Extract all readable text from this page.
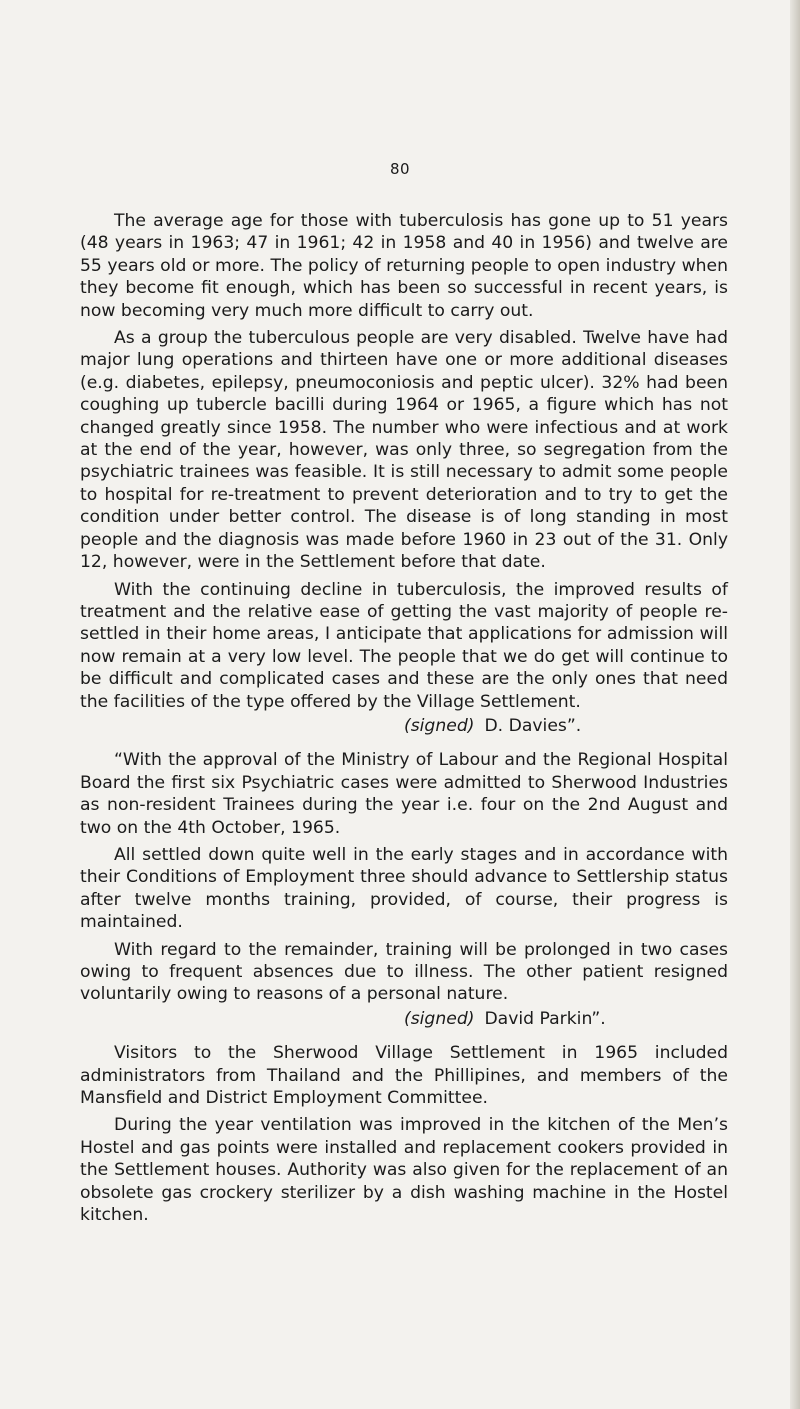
80

The average age for those with tuberculosis has gone up to 51 years (48 years in 1963; 47 in 1961; 42 in 1958 and 40 in 1956) and twelve are 55 years old or more. The policy of returning people to open industry when they become fit enough, which has been so successful in recent years, is now becoming very much more difficult to carry out.

As a group the tuberculous people are very disabled. Twelve have had major lung operations and thirteen have one or more additional diseases (e.g. diabetes, epilepsy, pneumoconiosis and peptic ulcer). 32% had been coughing up tubercle bacilli during 1964 or 1965, a figure which has not changed greatly since 1958. The number who were infectious and at work at the end of the year, however, was only three, so segregation from the psychiatric trainees was feasible. It is still necessary to admit some people to hospital for re-treatment to prevent deterioration and to try to get the condition under better control. The disease is of long standing in most people and the diagnosis was made before 1960 in 23 out of the 31. Only 12, however, were in the Settlement before that date.

With the continuing decline in tuberculosis, the improved results of treatment and the relative ease of getting the vast majority of people re-settled in their home areas, I anticipate that applications for admission will now remain at a very low level. The people that we do get will continue to be difficult and complicated cases and these are the only ones that need the facilities of the type offered by the Village Settlement.

(signed) D. Davies”.

“With the approval of the Ministry of Labour and the Regional Hospital Board the first six Psychiatric cases were admitted to Sherwood Industries as non-resident Trainees during the year i.e. four on the 2nd August and two on the 4th October, 1965.

All settled down quite well in the early stages and in accordance with their Conditions of Employment three should advance to Settlership status after twelve months training, provided, of course, their progress is maintained.

With regard to the remainder, training will be prolonged in two cases owing to frequent absences due to illness. The other patient resigned voluntarily owing to reasons of a personal nature.

(signed) David Parkin”.

Visitors to the Sherwood Village Settlement in 1965 included administrators from Thailand and the Phillipines, and members of the Mansfield and District Employment Committee.

During the year ventilation was improved in the kitchen of the Men’s Hostel and gas points were installed and replacement cookers provided in the Settlement houses. Authority was also given for the replacement of an obsolete gas crockery sterilizer by a dish washing machine in the Hostel kitchen.
